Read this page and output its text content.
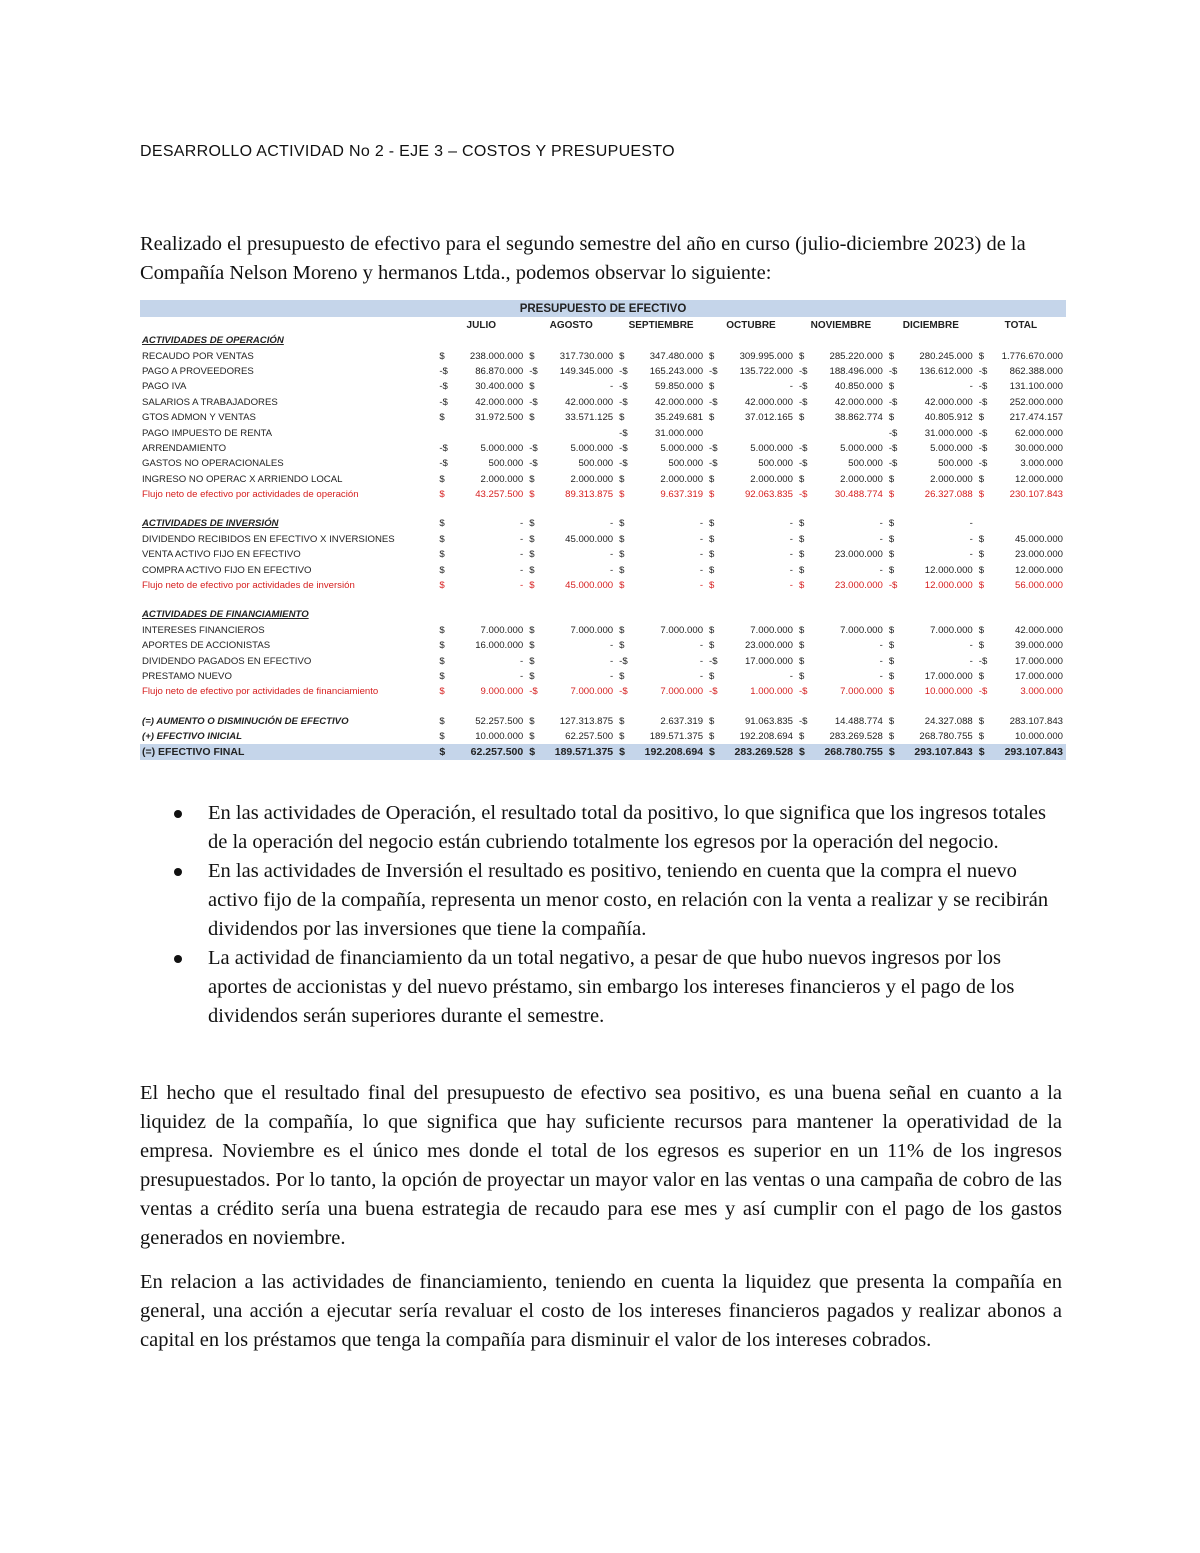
DESARROLLO ACTIVIDAD No 2 - EJE 3 – COSTOS Y PRESUPUESTO

Realizado el presupuesto de efectivo para el segundo semestre del año en curso (julio-diciembre 2023) de la Compañía Nelson Moreno y hermanos Ltda., podemos observar lo siguiente:

PRESUPUESTO DE EFECTIVO														
	JULIO		AGOSTO		SEPTIEMBRE		OCTUBRE		NOVIEMBRE		DICIEMBRE		TOTAL	
ACTIVIDADES DE OPERACIÓN														
RECAUDO POR VENTAS	$	238.000.000	$	317.730.000	$	347.480.000	$	309.995.000	$	285.220.000	$	280.245.000	$	1.776.670.000
PAGO A PROVEEDORES	-$	86.870.000	-$	149.345.000	-$	165.243.000	-$	135.722.000	-$	188.496.000	-$	136.612.000	-$	862.388.000
PAGO IVA	-$	30.400.000	$	-	-$	59.850.000	$	-	-$	40.850.000	$	-	-$	131.100.000
SALARIOS A TRABAJADORES	-$	42.000.000	-$	42.000.000	-$	42.000.000	-$	42.000.000	-$	42.000.000	-$	42.000.000	-$	252.000.000
GTOS ADMON Y VENTAS	$	31.972.500	$	33.571.125	$	35.249.681	$	37.012.165	$	38.862.774	$	40.805.912	$	217.474.157
PAGO IMPUESTO DE RENTA					-$	31.000.000					-$	31.000.000	-$	62.000.000
ARRENDAMIENTO	-$	5.000.000	-$	5.000.000	-$	5.000.000	-$	5.000.000	-$	5.000.000	-$	5.000.000	-$	30.000.000
GASTOS NO OPERACIONALES	-$	500.000	-$	500.000	-$	500.000	-$	500.000	-$	500.000	-$	500.000	-$	3.000.000
INGRESO NO OPERAC X ARRIENDO LOCAL	$	2.000.000	$	2.000.000	$	2.000.000	$	2.000.000	$	2.000.000	$	2.000.000	$	12.000.000
Flujo neto de efectivo por actividades de operación	$	43.257.500	$	89.313.875	$	9.637.319	$	92.063.835	-$	30.488.774	$	26.327.088	$	230.107.843

ACTIVIDADES DE INVERSIÓN	$	-	$	-	$	-	$	-	$	-	$	-		
DIVIDENDO RECIBIDOS EN EFECTIVO X INVERSIONES	$	-	$	45.000.000	$	-	$	-	$	-	$	-	$	45.000.000
VENTA ACTIVO FIJO EN EFECTIVO	$	-	$	-	$	-	$	-	$	23.000.000	$	-	$	23.000.000
COMPRA ACTIVO FIJO EN EFECTIVO	$	-	$	-	$	-	$	-	$	-	$	12.000.000	$	12.000.000
Flujo neto de efectivo por actividades de inversión	$	-	$	45.000.000	$	-	$	-	$	23.000.000	-$	12.000.000	$	56.000.000

ACTIVIDADES DE FINANCIAMIENTO														
INTERESES FINANCIEROS	$	7.000.000	$	7.000.000	$	7.000.000	$	7.000.000	$	7.000.000	$	7.000.000	$	42.000.000
APORTES DE ACCIONISTAS	$	16.000.000	$	-	$	-	$	23.000.000	$	-	$	-	$	39.000.000
DIVIDENDO PAGADOS EN EFECTIVO	$	-	$	-	-$	-	-$	17.000.000	$	-	$	-	-$	17.000.000
PRESTAMO NUEVO	$	-	$	-	$	-	$	-	$	-	$	17.000.000	$	17.000.000
Flujo neto de efectivo por actividades de financiamiento	$	9.000.000	-$	7.000.000	-$	7.000.000	-$	1.000.000	-$	7.000.000	$	10.000.000	-$	3.000.000

(=) AUMENTO O DISMINUCIÓN DE EFECTIVO	$	52.257.500	$	127.313.875	$	2.637.319	$	91.063.835	-$	14.488.774	$	24.327.088	$	283.107.843
(+) EFECTIVO INICIAL	$	10.000.000	$	62.257.500	$	189.571.375	$	192.208.694	$	283.269.528	$	268.780.755	$	10.000.000
(=) EFECTIVO FINAL	$	62.257.500	$	189.571.375	$	192.208.694	$	283.269.528	$	268.780.755	$	293.107.843	$	293.107.843
En las actividades de Operación, el resultado total da positivo, lo que significa que los ingresos totales de la operación del negocio están cubriendo totalmente los egresos por la operación del negocio.
En las actividades de Inversión el resultado es positivo, teniendo en cuenta que la compra el nuevo activo fijo de la compañía, representa un menor costo, en relación con la venta a realizar y se recibirán dividendos por las inversiones que tiene la compañía.
La actividad de financiamiento da un total negativo, a pesar de que hubo nuevos ingresos por los aportes de accionistas y del nuevo préstamo, sin embargo los intereses financieros y el pago de los dividendos serán superiores durante el semestre.

El hecho que el resultado final del presupuesto de efectivo sea positivo, es una buena señal en cuanto a la liquidez de la compañía, lo que significa que hay suficiente recursos para mantener la operatividad de la empresa. Noviembre es el único mes donde el total de los egresos es superior en un 11% de los ingresos presupuestados. Por lo tanto, la opción de proyectar un mayor valor en las ventas o una campaña de cobro de las ventas a crédito sería una buena estrategia de recaudo para ese mes y así cumplir con el pago de los gastos generados en noviembre.

En relacion a las actividades de financiamiento, teniendo en cuenta la liquidez que presenta la compañía en general, una acción a ejecutar sería revaluar el costo de los intereses financieros pagados y realizar abonos a capital en los préstamos que tenga la compañía para disminuir el valor de los intereses cobrados.
